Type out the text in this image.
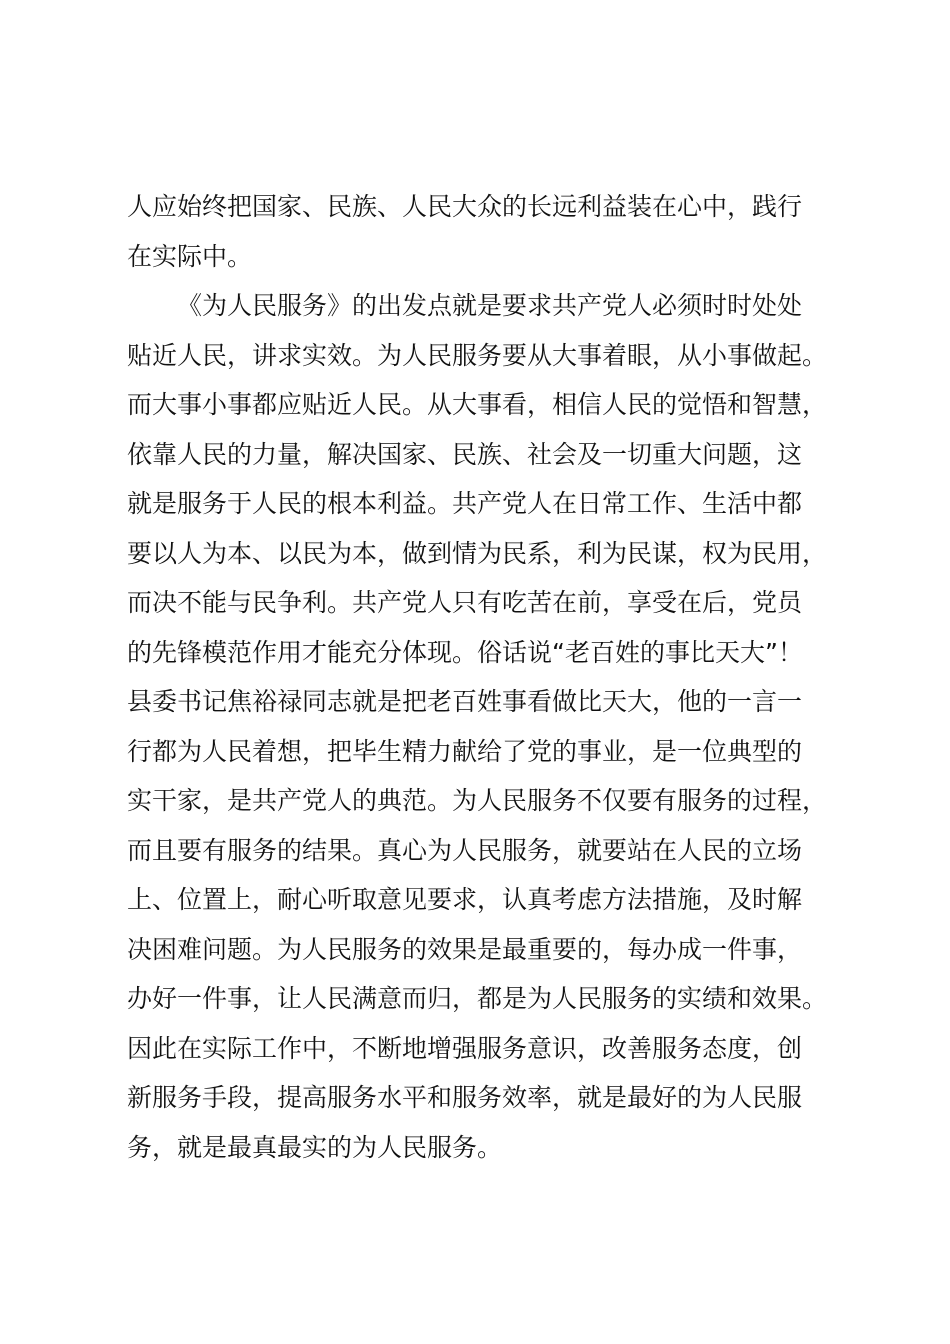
人应始终把国家、民族、人民大众的长远利益装在心中，践行
在实际中。
《为人民服务》的出发点就是要求共产党人必须时时处处
贴近人民，讲求实效。为人民服务要从大事着眼，从小事做起。
而大事小事都应贴近人民。从大事看，相信人民的觉悟和智慧，
依靠人民的力量，解决国家、民族、社会及一切重大问题，这
就是服务于人民的根本利益。共产党人在日常工作、生活中都
要以人为本、以民为本，做到情为民系，利为民谋，权为民用，
而决不能与民争利。共产党人只有吃苦在前，享受在后，党员
的先锋模范作用才能充分体现。俗话说“老百姓的事比天大”！
县委书记焦裕禄同志就是把老百姓事看做比天大，他的一言一
行都为人民着想，把毕生精力献给了党的事业，是一位典型的
实干家，是共产党人的典范。为人民服务不仅要有服务的过程，
而且要有服务的结果。真心为人民服务，就要站在人民的立场
上、位置上，耐心听取意见要求，认真考虑方法措施，及时解
决困难问题。为人民服务的效果是最重要的，每办成一件事，
办好一件事，让人民满意而归，都是为人民服务的实绩和效果。
因此在实际工作中，不断地增强服务意识，改善服务态度，创
新服务手段，提高服务水平和服务效率，就是最好的为人民服
务，就是最真最实的为人民服务。
